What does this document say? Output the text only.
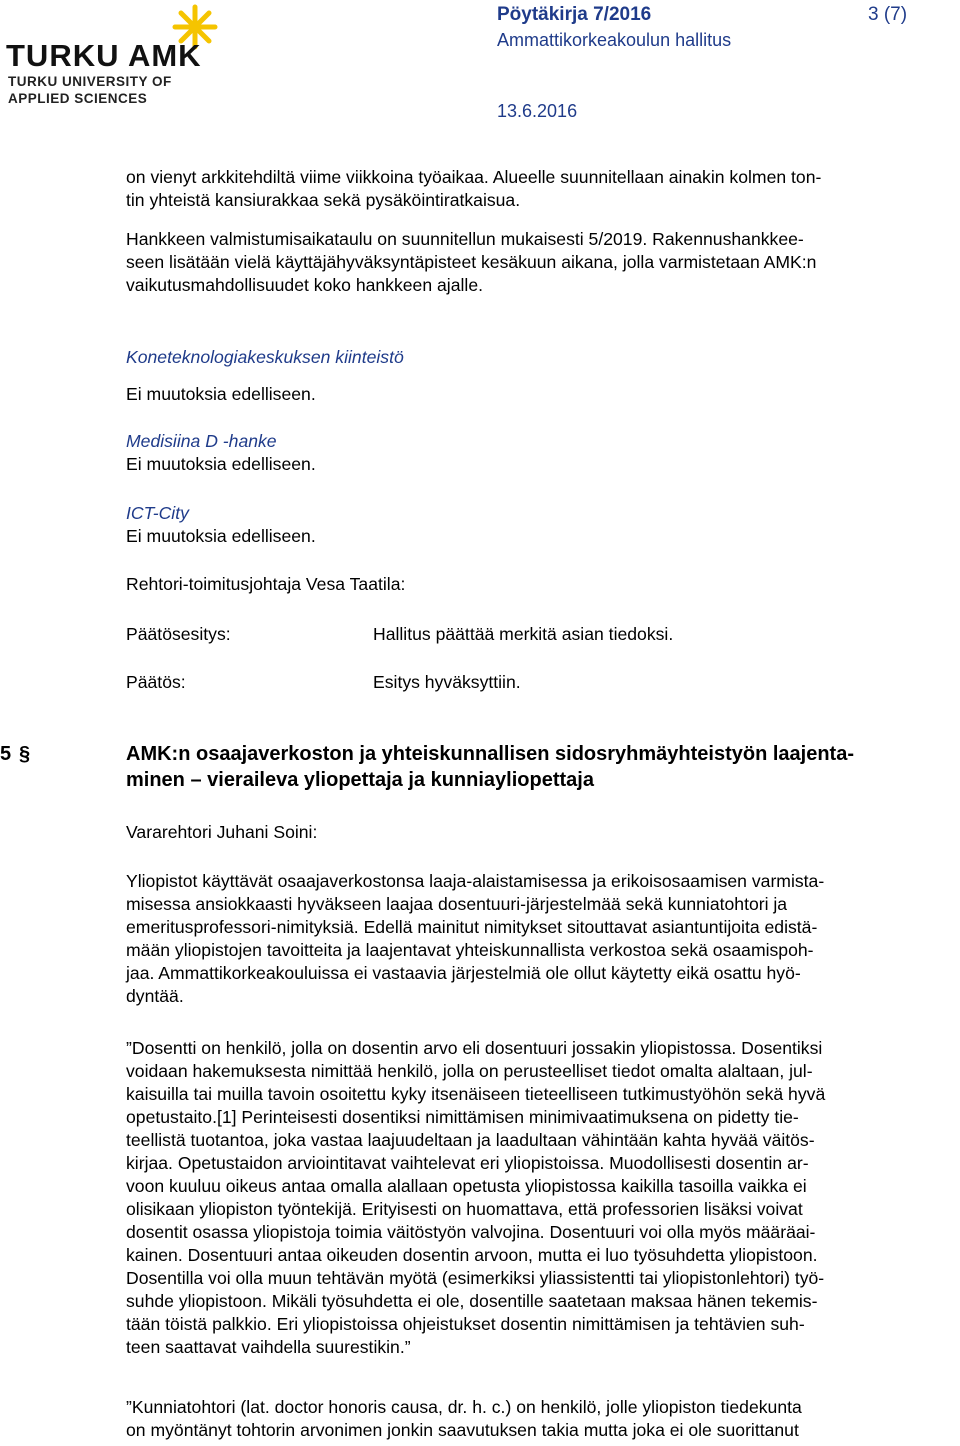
TURKU AMK
TURKU UNIVERSITY OF
APPLIED SCIENCES
Pöytäkirja 7/2016	3 (7)
Ammattikorkeakoulun hallitus
13.6.2016
on vienyt arkkitehdiltä viime viikkoina työaikaa. Alueelle suunnitellaan ainakin kolmen ton-
tin yhteistä kansiurakkaa sekä pysäköintiratkaisua.
Hankkeen valmistumisaikataulu on suunnitellun mukaisesti 5/2019. Rakennushankkee-
seen lisätään vielä käyttäjähyväksyntäpisteet kesäkuun aikana, jolla varmistetaan AMK:n
vaikutusmahdollisuudet koko hankkeen ajalle.
Koneteknologiakeskuksen kiinteistö
Ei muutoksia edelliseen.
Medisiina D -hanke
Ei muutoksia edelliseen.
ICT-City
Ei muutoksia edelliseen.
Rehtori-toimitusjohtaja Vesa Taatila:
Päätösesitys:	Hallitus päättää merkitä asian tiedoksi.
Päätös:	Esitys hyväksyttiin.
5 §	AMK:n osaajaverkoston ja yhteiskunnallisen sidosryhmäyhteistyön laajenta-
minen – vieraileva yliopettaja ja kunniayliopettaja
Vararehtori Juhani Soini:
Yliopistot käyttävät osaajaverkostonsa laaja-alaistamisessa ja erikoisosaamisen varmista-
misessa ansiokkaasti hyväkseen laajaa dosentuuri-järjestelmää sekä kunniatohtori ja
emeritusprofessori-nimityksiä. Edellä mainitut nimitykset sitouttavat asiantuntijoita edistä-
mään yliopistojen tavoitteita ja laajentavat yhteiskunnallista verkostoa sekä osaamispoh-
jaa. Ammattikorkeakouluissa ei vastaavia järjestelmiä ole ollut käytetty eikä osattu hyö-
dyntää.
”Dosentti on henkilö, jolla on dosentin arvo eli dosentuuri jossakin yliopistossa. Dosentiksi
voidaan hakemuksesta nimittää henkilö, jolla on perusteelliset tiedot omalta alaltaan, jul-
kaisuilla tai muilla tavoin osoitettu kyky itsenäiseen tieteelliseen tutkimustyöhön sekä hyvä
opetustaito.[1] Perinteisesti dosentiksi nimittämisen minimivaatimuksena on pidetty tie-
teellistä tuotantoa, joka vastaa laajuudeltaan ja laadultaan vähintään kahta hyvää väitös-
kirjaa. Opetustaidon arviointitavat vaihtelevat eri yliopistoissa. Muodollisesti dosentin ar-
voon kuuluu oikeus antaa omalla alallaan opetusta yliopistossa kaikilla tasoilla vaikka ei
olisikaan yliopiston työntekijä. Erityisesti on huomattava, että professorien lisäksi voivat
dosentit osassa yliopistoja toimia väitöstyön valvojina. Dosentuuri voi olla myös määräai-
kainen. Dosentuuri antaa oikeuden dosentin arvoon, mutta ei luo työsuhdetta yliopistoon.
Dosentilla voi olla muun tehtävän myötä (esimerkiksi yliassistentti tai yliopistonlehtori) työ-
suhde yliopistoon. Mikäli työsuhdetta ei ole, dosentille saatetaan maksaa hänen tekemis-
tään töistä palkkio. Eri yliopistoissa ohjeistukset dosentin nimittämisen ja tehtävien suh-
teen saattavat vaihdella suurestikin.”
”Kunniatohtori (lat. doctor honoris causa, dr. h. c.) on henkilö, jolle yliopiston tiedekunta
on myöntänyt tohtorin arvonimen jonkin saavutuksen takia mutta joka ei ole suorittanut
